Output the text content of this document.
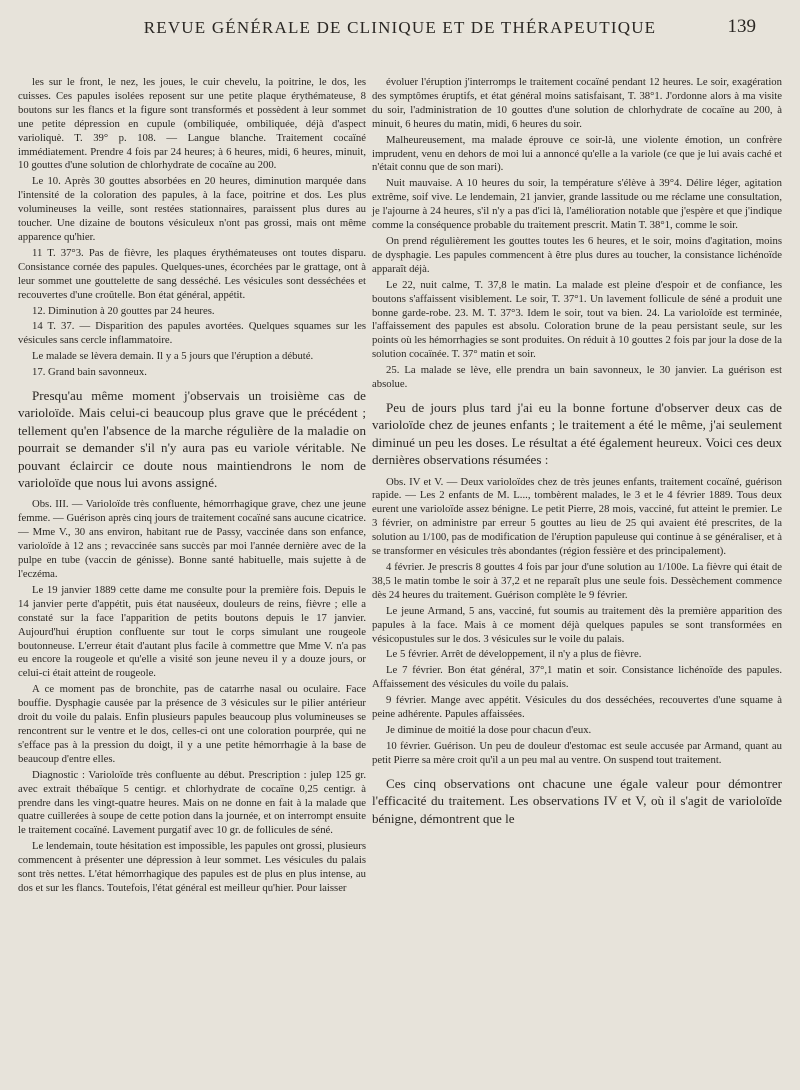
REVUE GÉNÉRALE DE CLINIQUE ET DE THÉRAPEUTIQUE	139

les sur le front, le nez, les joues, le cuir chevelu, la poitrine, le dos, les cuisses. Ces papules isolées reposent sur une petite plaque érythémateuse, 8 boutons sur les flancs et la figure sont transformés et possèdent à leur sommet une petite dépression en cupule (ombiliquée, ombiliquée, déjà d'aspect varioliquè. T. 39° p. 108. — Langue blanche. Traitement cocaïné immédiatement. Prendre 4 fois par 24 heures; à 6 heures, midi, 6 heures, minuit, 10 gouttes d'une solution de chlorhydrate de cocaïne au 200.

Le 10. Après 30 gouttes absorbées en 20 heures, diminution marquée dans l'intensité de la coloration des papules, à la face, poitrine et dos. Les plus volumineuses la veille, sont restées stationnaires, paraissent plus dures au toucher. Une dizaine de boutons vésiculeux n'ont pas grossi, mais ont même apparence qu'hier.

11 T. 37°3. Pas de fièvre, les plaques érythémateuses ont toutes disparu. Consistance cornée des papules. Quelques-unes, écorchées par le grattage, ont à leur sommet une gouttelette de sang desséché. Les vésicules sont desséchées et recouvertes d'une croûtelle. Bon état général, appétit.

12. Diminution à 20 gouttes par 24 heures.

14 T. 37. — Disparition des papules avortées. Quelques squames sur les vésicules sans cercle inflammatoire.

Le malade se lèvera demain. Il y a 5 jours que l'éruption a débuté.

17. Grand bain savonneux.

Presqu'au même moment j'observais un troisième cas de varioloïde. Mais celui-ci beaucoup plus grave que le précédent ; tellement qu'en l'absence de la marche régulière de la maladie on pourrait se demander s'il n'y aura pas eu variole véritable. Ne pouvant éclaircir ce doute nous maintiendrons le nom de varioloïde que nous lui avons assigné.

Obs. III. — Varioloïde très confluente, hémorrhagique grave, chez une jeune femme. — Guérison après cinq jours de traitement cocaïné sans aucune cicatrice. — Mme V., 30 ans environ, habitant rue de Passy, vaccinée dans son enfance, varioloïde à 12 ans ; revaccinée sans succès par moi l'année dernière avec de la pulpe en tube (vaccin de génisse). Bonne santé habituelle, mais sujette à de l'eczéma.

Le 19 janvier 1889 cette dame me consulte pour la première fois. Depuis le 14 janvier perte d'appétit, puis état nauséeux, douleurs de reins, fièvre ; elle a constaté sur la face l'apparition de petits boutons depuis le 17 janvier. Aujourd'hui éruption confluente sur tout le corps simulant une rougeole boutonneuse. L'erreur était d'autant plus facile à commettre que Mme V. n'a pas eu encore la rougeole et qu'elle a visité son jeune neveu il y a douze jours, or celui-ci était atteint de rougeole.

A ce moment pas de bronchite, pas de catarrhe nasal ou oculaire. Face bouffie. Dysphagie causée par la présence de 3 vésicules sur le pilier antérieur droit du voile du palais. Enfin plusieurs papules beaucoup plus volumineuses se rencontrent sur le ventre et le dos, celles-ci ont une coloration pourprée, qui ne s'efface pas à la pression du doigt, il y a une petite hémorrhagie à la base de beaucoup d'entre elles.

Diagnostic : Varioloïde très confluente au début. Prescription : julep 125 gr. avec extrait thébaïque 5 centigr. et chlorhydrate de cocaïne 0,25 centigr. à prendre dans les vingt-quatre heures. Mais on ne donne en fait à la malade que quatre cuillerées à soupe de cette potion dans la journée, et on interrompt ensuite le traitement cocaïné. Lavement purgatif avec 10 gr. de follicules de séné.

Le lendemain, toute hésitation est impossible, les papules ont grossi, plusieurs commencent à présenter une dépression à leur sommet. Les vésicules du palais sont très nettes. L'état hémorrhagique des papules est de plus en plus intense, au dos et sur les flancs. Toutefois, l'état général est meilleur qu'hier. Pour laisser

évoluer l'éruption j'interromps le traitement cocaïné pendant 12 heures. Le soir, exagération des symptômes éruptifs, et état général moins satisfaisant, T. 38°1. J'ordonne alors à ma visite du soir, l'administration de 10 gouttes d'une solution de chlorhydrate de cocaïne au 200, à minuit, 6 heures du matin, midi, 6 heures du soir.

Malheureusement, ma malade éprouve ce soir-là, une violente émotion, un confrère imprudent, venu en dehors de moi lui a annoncé qu'elle a la variole (ce que je lui avais caché et n'était connu que de son mari).

Nuit mauvaise. A 10 heures du soir, la température s'élève à 39°4. Délire léger, agitation extrême, soif vive. Le lendemain, 21 janvier, grande lassitude ou me réclame une consultation, je l'ajourne à 24 heures, s'il n'y a pas d'ici là, l'amélioration notable que j'espère et que j'indique comme la conséquence probable du traitement prescrit. Matin T. 38°1, comme le soir.

On prend régulièrement les gouttes toutes les 6 heures, et le soir, moins d'agitation, moins de dysphagie. Les papules commencent à être plus dures au toucher, la consistance lichénoïde apparaît déjà.

Le 22, nuit calme, T. 37,8 le matin. La malade est pleine d'espoir et de confiance, les boutons s'affaissent visiblement. Le soir, T. 37°1. Un lavement follicule de séné a produit une bonne garde-robe. 23. M. T. 37°3. Idem le soir, tout va bien. 24. La varioloïde est terminée, l'affaissement des papules est absolu. Coloration brune de la peau persistant seule, sur les points où les hémorrhagies se sont produites. On réduit à 10 gouttes 2 fois par jour la dose de la solution cocaïnée. T. 37° matin et soir.

25. La malade se lève, elle prendra un bain savonneux, le 30 janvier. La guérison est absolue.

Peu de jours plus tard j'ai eu la bonne fortune d'observer deux cas de varioloïde chez de jeunes enfants ; le traitement a été le même, j'ai seulement diminué un peu les doses. Le résultat a été également heureux. Voici ces deux dernières observations résumées :

Obs. IV et V. — Deux varioloïdes chez de très jeunes enfants, traitement cocaïné, guérison rapide. — Les 2 enfants de M. L..., tombèrent malades, le 3 et le 4 février 1889. Tous deux eurent une varioloïde assez bénigne. Le petit Pierre, 28 mois, vacciné, fut atteint le premier. Le 3 février, on administre par erreur 5 gouttes au lieu de 25 qui avaient été prescrites, de la solution au 1/100, pas de modification de l'éruption papuleuse qui continue à se généraliser, et à se transformer en vésicules très abondantes (région fessière et des principalement).

4 février. Je prescris 8 gouttes 4 fois par jour d'une solution au 1/100e. La fièvre qui était de 38,5 le matin tombe le soir à 37,2 et ne reparaît plus une seule fois. Dessèchement commence dès 24 heures du traitement. Guérison complète le 9 février.

Le jeune Armand, 5 ans, vacciné, fut soumis au traitement dès la première apparition des papules à la face. Mais à ce moment déjà quelques papules se sont transformées en vésicopustules sur le dos. 3 vésicules sur le voile du palais.

Le 5 février. Arrêt de développement, il n'y a plus de fièvre.

Le 7 février. Bon état général, 37°,1 matin et soir. Consistance lichénoïde des papules. Affaissement des vésicules du voile du palais.

9 février. Mange avec appétit. Vésicules du dos desséchées, recouvertes d'une squame à peine adhérente. Papules affaissées.

Je diminue de moitié la dose pour chacun d'eux.

10 février. Guérison. Un peu de douleur d'estomac est seule accusée par Armand, quant au petit Pierre sa mère croit qu'il a un peu mal au ventre. On suspend tout traitement.

Ces cinq observations ont chacune une égale valeur pour démontrer l'efficacité du traitement. Les observations IV et V, où il s'agit de varioloïde bénigne, démontrent que le
